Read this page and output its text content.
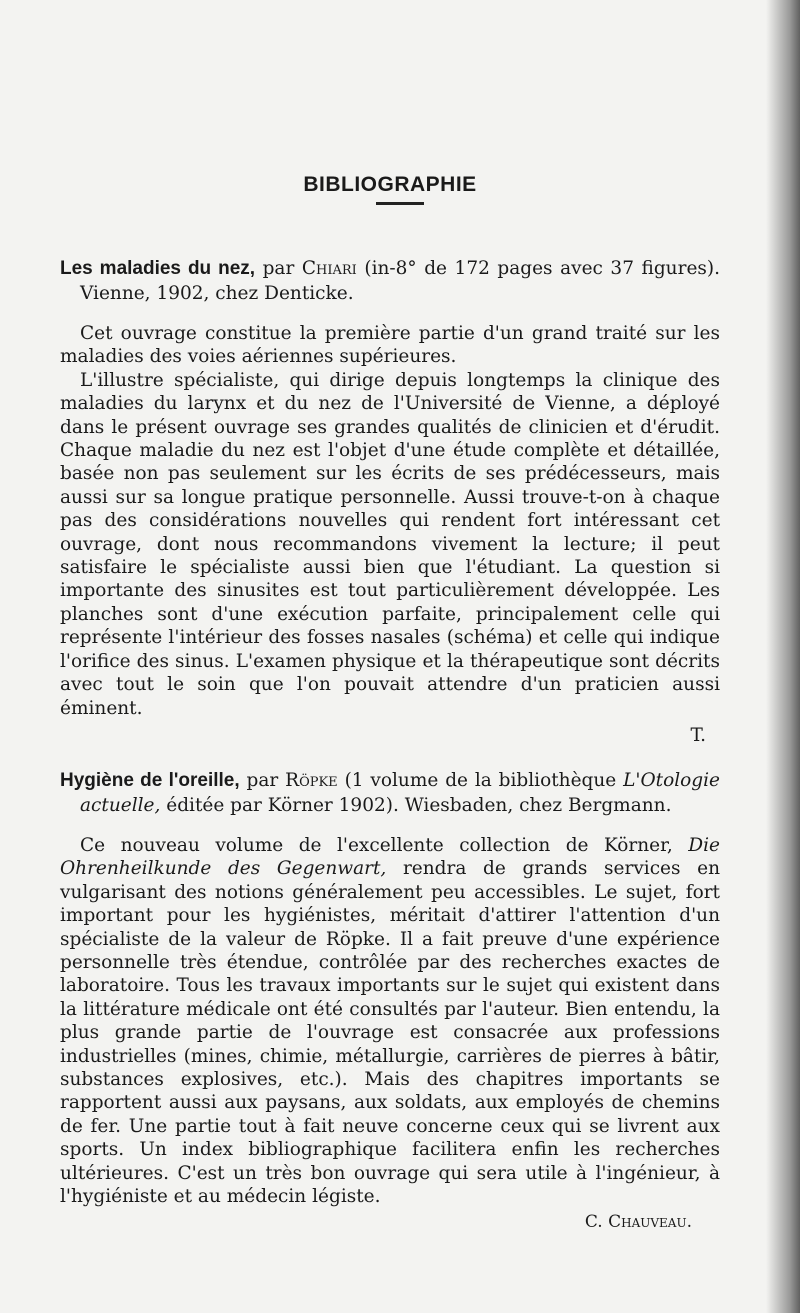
BIBLIOGRAPHIE

Les maladies du nez, par Chiari (in-8° de 172 pages avec 37 figures). Vienne, 1902, chez Denticke.

Cet ouvrage constitue la première partie d'un grand traité sur les maladies des voies aériennes supérieures.

L'illustre spécialiste, qui dirige depuis longtemps la clinique des maladies du larynx et du nez de l'Université de Vienne, a déployé dans le présent ouvrage ses grandes qualités de clinicien et d'érudit. Chaque maladie du nez est l'objet d'une étude complète et détaillée, basée non pas seulement sur les écrits de ses prédécesseurs, mais aussi sur sa longue pratique personnelle. Aussi trouve-t-on à chaque pas des considérations nouvelles qui rendent fort intéressant cet ouvrage, dont nous recommandons vivement la lecture; il peut satisfaire le spécialiste aussi bien que l'étudiant. La question si importante des sinusites est tout particulièrement développée. Les planches sont d'une exécution parfaite, principalement celle qui représente l'intérieur des fosses nasales (schéma) et celle qui indique l'orifice des sinus. L'examen physique et la thérapeutique sont décrits avec tout le soin que l'on pouvait attendre d'un praticien aussi éminent.

T.

Hygiène de l'oreille, par Röpke (1 volume de la bibliothèque L'Otologie actuelle, éditée par Körner 1902). Wiesbaden, chez Bergmann.

Ce nouveau volume de l'excellente collection de Körner, Die Ohrenheilkunde des Gegenwart, rendra de grands services en vulgarisant des notions généralement peu accessibles. Le sujet, fort important pour les hygiénistes, méritait d'attirer l'attention d'un spécialiste de la valeur de Röpke. Il a fait preuve d'une expérience personnelle très étendue, contrôlée par des recherches exactes de laboratoire. Tous les travaux importants sur le sujet qui existent dans la littérature médicale ont été consultés par l'auteur. Bien entendu, la plus grande partie de l'ouvrage est consacrée aux professions industrielles (mines, chimie, métallurgie, carrières de pierres à bâtir, substances explosives, etc.). Mais des chapitres importants se rapportent aussi aux paysans, aux soldats, aux employés de chemins de fer. Une partie tout à fait neuve concerne ceux qui se livrent aux sports. Un index bibliographique facilitera enfin les recherches ultérieures. C'est un très bon ouvrage qui sera utile à l'ingénieur, à l'hygiéniste et au médecin légiste.

C. Chauveau.
